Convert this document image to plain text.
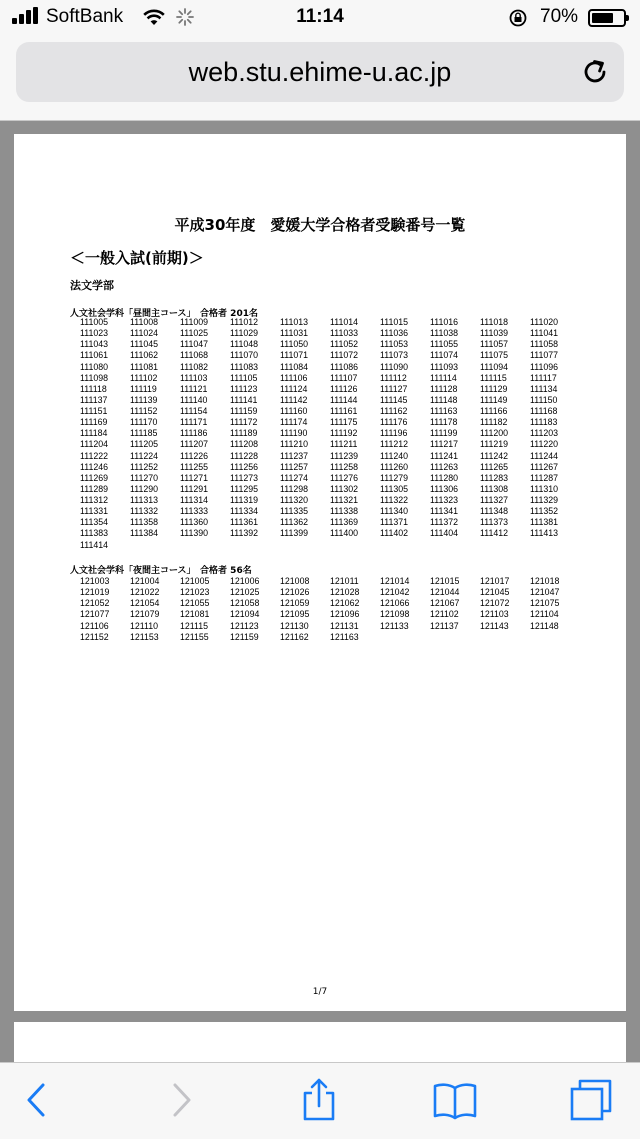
SoftBank	11:14	70%
web.stu.ehime-u.ac.jp
平成30年度　愛媛大学合格者受験番号一覧
＜一般入試(前期)＞
法文学部
人文社会学科「昼間主コース」　合格者 201名
111005	111008	111009	111012	111013	111014	111015	111016	111018	111020
111023	111024	111025	111029	111031	111033	111036	111038	111039	111041
111043	111045	111047	111048	111050	111052	111053	111055	111057	111058
111061	111062	111068	111070	111071	111072	111073	111074	111075	111077
111080	111081	111082	111083	111084	111086	111090	111093	111094	111096
111098	111102	111103	111105	111106	111107	111112	111114	111115	111117
111118	111119	111121	111123	111124	111126	111127	111128	111129	111134
111137	111139	111140	111141	111142	111144	111145	111148	111149	111150
111151	111152	111154	111159	111160	111161	111162	111163	111166	111168
111169	111170	111171	111172	111174	111175	111176	111178	111182	111183
111184	111185	111186	111189	111190	111192	111196	111199	111200	111203
111204	111205	111207	111208	111210	111211	111212	111217	111219	111220
111222	111224	111226	111228	111237	111239	111240	111241	111242	111244
111246	111252	111255	111256	111257	111258	111260	111263	111265	111267
111269	111270	111271	111273	111274	111276	111279	111280	111283	111287
111289	111290	111291	111295	111298	111302	111305	111306	111308	111310
111312	111313	111314	111319	111320	111321	111322	111323	111327	111329
111331	111332	111333	111334	111335	111338	111340	111341	111348	111352
111354	111358	111360	111361	111362	111369	111371	111372	111373	111381
111383	111384	111390	111392	111399	111400	111402	111404	111412	111413
111414
人文社会学科「夜間主コース」　合格者 56名
121003	121004	121005	121006	121008	121011	121014	121015	121017	121018
121019	121022	121023	121025	121026	121028	121042	121044	121045	121047
121052	121054	121055	121058	121059	121062	121066	121067	121072	121075
121077	121079	121081	121094	121095	121096	121098	121102	121103	121104
121106	121110	121115	121123	121130	121131	121133	121137	121143	121148
121152	121153	121155	121159	121162	121163
1/7
